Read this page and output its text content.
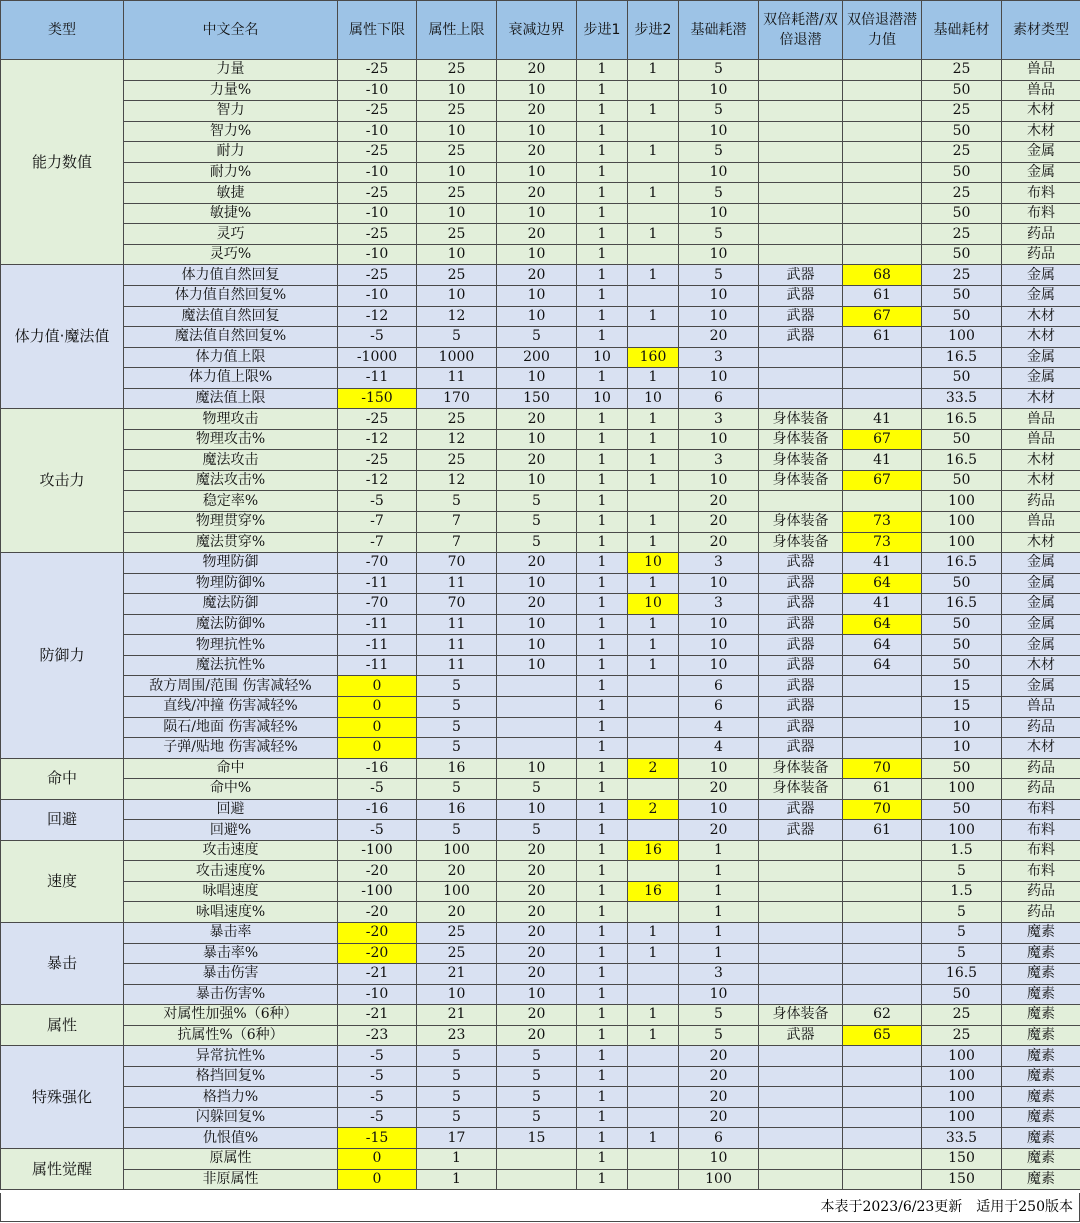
类型	中文全名	属性下限	属性上限	衰减边界	步进1	步进2	基础耗潜	双倍耗潜/双倍退潜	双倍退潜潜力值	基础耗材	素材类型
能力数值	力量	-25	25	20	1	1	5			25	兽品
	力量%	-10	10	10	1		10			50	兽品
	智力	-25	25	20	1	1	5			25	木材
	智力%	-10	10	10	1		10			50	木材
	耐力	-25	25	20	1	1	5			25	金属
	耐力%	-10	10	10	1		10			50	金属
	敏捷	-25	25	20	1	1	5			25	布料
	敏捷%	-10	10	10	1		10			50	布料
	灵巧	-25	25	20	1	1	5			25	药品
	灵巧%	-10	10	10	1		10			50	药品
体力值·魔法值	体力值自然回复	-25	25	20	1	1	5	武器	68	25	金属
	体力值自然回复%	-10	10	10	1		10	武器	61	50	金属
	魔法值自然回复	-12	12	10	1	1	10	武器	67	50	木材
	魔法值自然回复%	-5	5	5	1		20	武器	61	100	木材
	体力值上限	-1000	1000	200	10	160	3			16.5	金属
	体力值上限%	-11	11	10	1	1	10			50	金属
	魔法值上限	-150	170	150	10	10	6			33.5	木材
攻击力	物理攻击	-25	25	20	1	1	3	身体装备	41	16.5	兽品
	物理攻击%	-12	12	10	1	1	10	身体装备	67	50	兽品
	魔法攻击	-25	25	20	1	1	3	身体装备	41	16.5	木材
	魔法攻击%	-12	12	10	1	1	10	身体装备	67	50	木材
	稳定率%	-5	5	5	1		20			100	药品
	物理贯穿%	-7	7	5	1	1	20	身体装备	73	100	兽品
	魔法贯穿%	-7	7	5	1	1	20	身体装备	73	100	木材
防御力	物理防御	-70	70	20	1	10	3	武器	41	16.5	金属
	物理防御%	-11	11	10	1	1	10	武器	64	50	金属
	魔法防御	-70	70	20	1	10	3	武器	41	16.5	金属
	魔法防御%	-11	11	10	1	1	10	武器	64	50	金属
	物理抗性%	-11	11	10	1	1	10	武器	64	50	金属
	魔法抗性%	-11	11	10	1	1	10	武器	64	50	木材
	敌方周围/范围 伤害减轻%	0	5		1		6	武器		15	金属
	直线/冲撞 伤害减轻%	0	5		1		6	武器		15	兽品
	陨石/地面 伤害减轻%	0	5		1		4	武器		10	药品
	子弹/贴地 伤害减轻%	0	5		1		4	武器		10	木材
命中	命中	-16	16	10	1	2	10	身体装备	70	50	药品
	命中%	-5	5	5	1		20	身体装备	61	100	药品
回避	回避	-16	16	10	1	2	10	武器	70	50	布料
	回避%	-5	5	5	1		20	武器	61	100	布料
速度	攻击速度	-100	100	20	1	16	1			1.5	布料
	攻击速度%	-20	20	20	1		1			5	布料
	咏唱速度	-100	100	20	1	16	1			1.5	药品
	咏唱速度%	-20	20	20	1		1			5	药品
暴击	暴击率	-20	25	20	1	1	1			5	魔素
	暴击率%	-20	25	20	1	1	1			5	魔素
	暴击伤害	-21	21	20	1		3			16.5	魔素
	暴击伤害%	-10	10	10	1		10			50	魔素
属性	对属性加强%（6种）	-21	21	20	1	1	5	身体装备	62	25	魔素
	抗属性%（6种）	-23	23	20	1	1	5	武器	65	25	魔素
特殊强化	异常抗性%	-5	5	5	1		20			100	魔素
	格挡回复%	-5	5	5	1		20			100	魔素
	格挡力%	-5	5	5	1		20			100	魔素
	闪躲回复%	-5	5	5	1		20			100	魔素
	仇恨值%	-15	17	15	1	1	6			33.5	魔素
属性觉醒	原属性	0	1		1		10			150	魔素
	非原属性	0	1		1		100			150	魔素
本表于2023/6/23更新　适用于250版本
